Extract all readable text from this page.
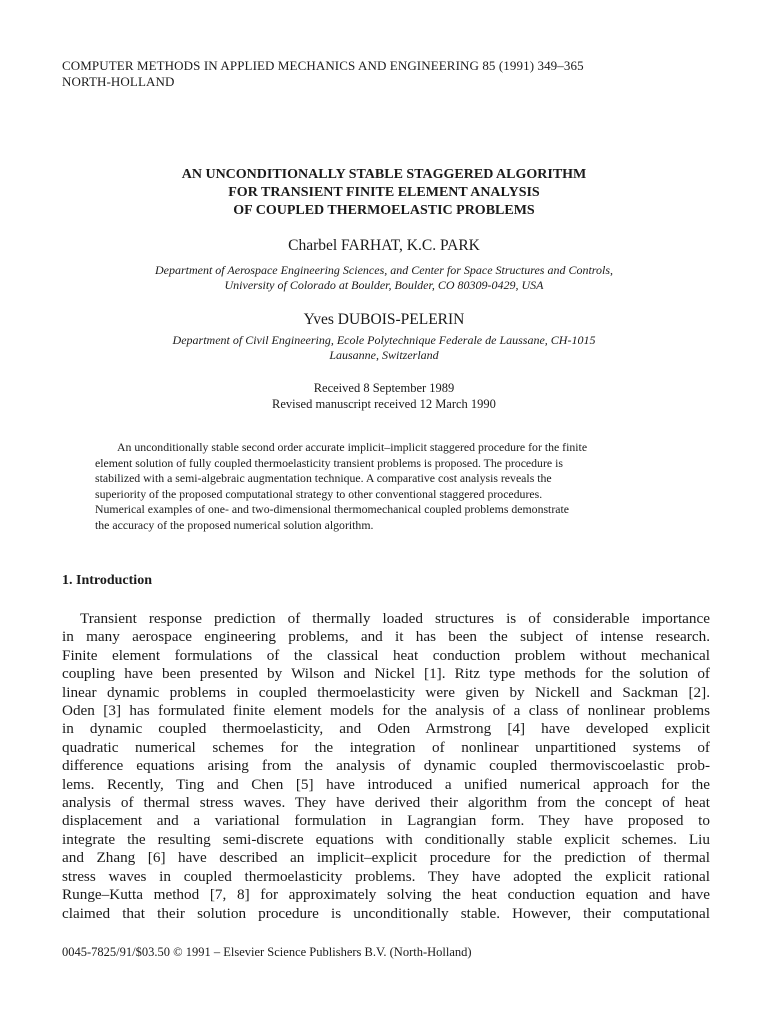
COMPUTER METHODS IN APPLIED MECHANICS AND ENGINEERING 85 (1991) 349–365
NORTH-HOLLAND
AN UNCONDITIONALLY STABLE STAGGERED ALGORITHM
FOR TRANSIENT FINITE ELEMENT ANALYSIS
OF COUPLED THERMOELASTIC PROBLEMS
Charbel FARHAT, K.C. PARK
Department of Aerospace Engineering Sciences, and Center for Space Structures and Controls,
University of Colorado at Boulder, Boulder, CO 80309-0429, USA
Yves DUBOIS-PELERIN
Department of Civil Engineering, Ecole Polytechnique Federale de Laussane, CH-1015
Lausanne, Switzerland
Received 8 September 1989
Revised manuscript received 12 March 1990
An unconditionally stable second order accurate implicit–implicit staggered procedure for the finite
element solution of fully coupled thermoelasticity transient problems is proposed. The procedure is
stabilized with a semi-algebraic augmentation technique. A comparative cost analysis reveals the
superiority of the proposed computational strategy to other conventional staggered procedures.
Numerical examples of one- and two-dimensional thermomechanical coupled problems demonstrate
the accuracy of the proposed numerical solution algorithm.
1. Introduction
Transient response prediction of thermally loaded structures is of considerable importance
in many aerospace engineering problems, and it has been the subject of intense research.
Finite element formulations of the classical heat conduction problem without mechanical
coupling have been presented by Wilson and Nickel [1]. Ritz type methods for the solution of
linear dynamic problems in coupled thermoelasticity were given by Nickell and Sackman [2].
Oden [3] has formulated finite element models for the analysis of a class of nonlinear problems
in dynamic coupled thermoelasticity, and Oden Armstrong [4] have developed explicit
quadratic numerical schemes for the integration of nonlinear unpartitioned systems of
difference equations arising from the analysis of dynamic coupled thermoviscoelastic prob-
lems. Recently, Ting and Chen [5] have introduced a unified numerical approach for the
analysis of thermal stress waves. They have derived their algorithm from the concept of heat
displacement and a variational formulation in Lagrangian form. They have proposed to
integrate the resulting semi-discrete equations with conditionally stable explicit schemes. Liu
and Zhang [6] have described an implicit–explicit procedure for the prediction of thermal
stress waves in coupled thermoelasticity problems. They have adopted the explicit rational
Runge–Kutta method [7, 8] for approximately solving the heat conduction equation and have
claimed that their solution procedure is unconditionally stable. However, their computational
0045-7825/91/$03.50 © 1991 – Elsevier Science Publishers B.V. (North-Holland)
